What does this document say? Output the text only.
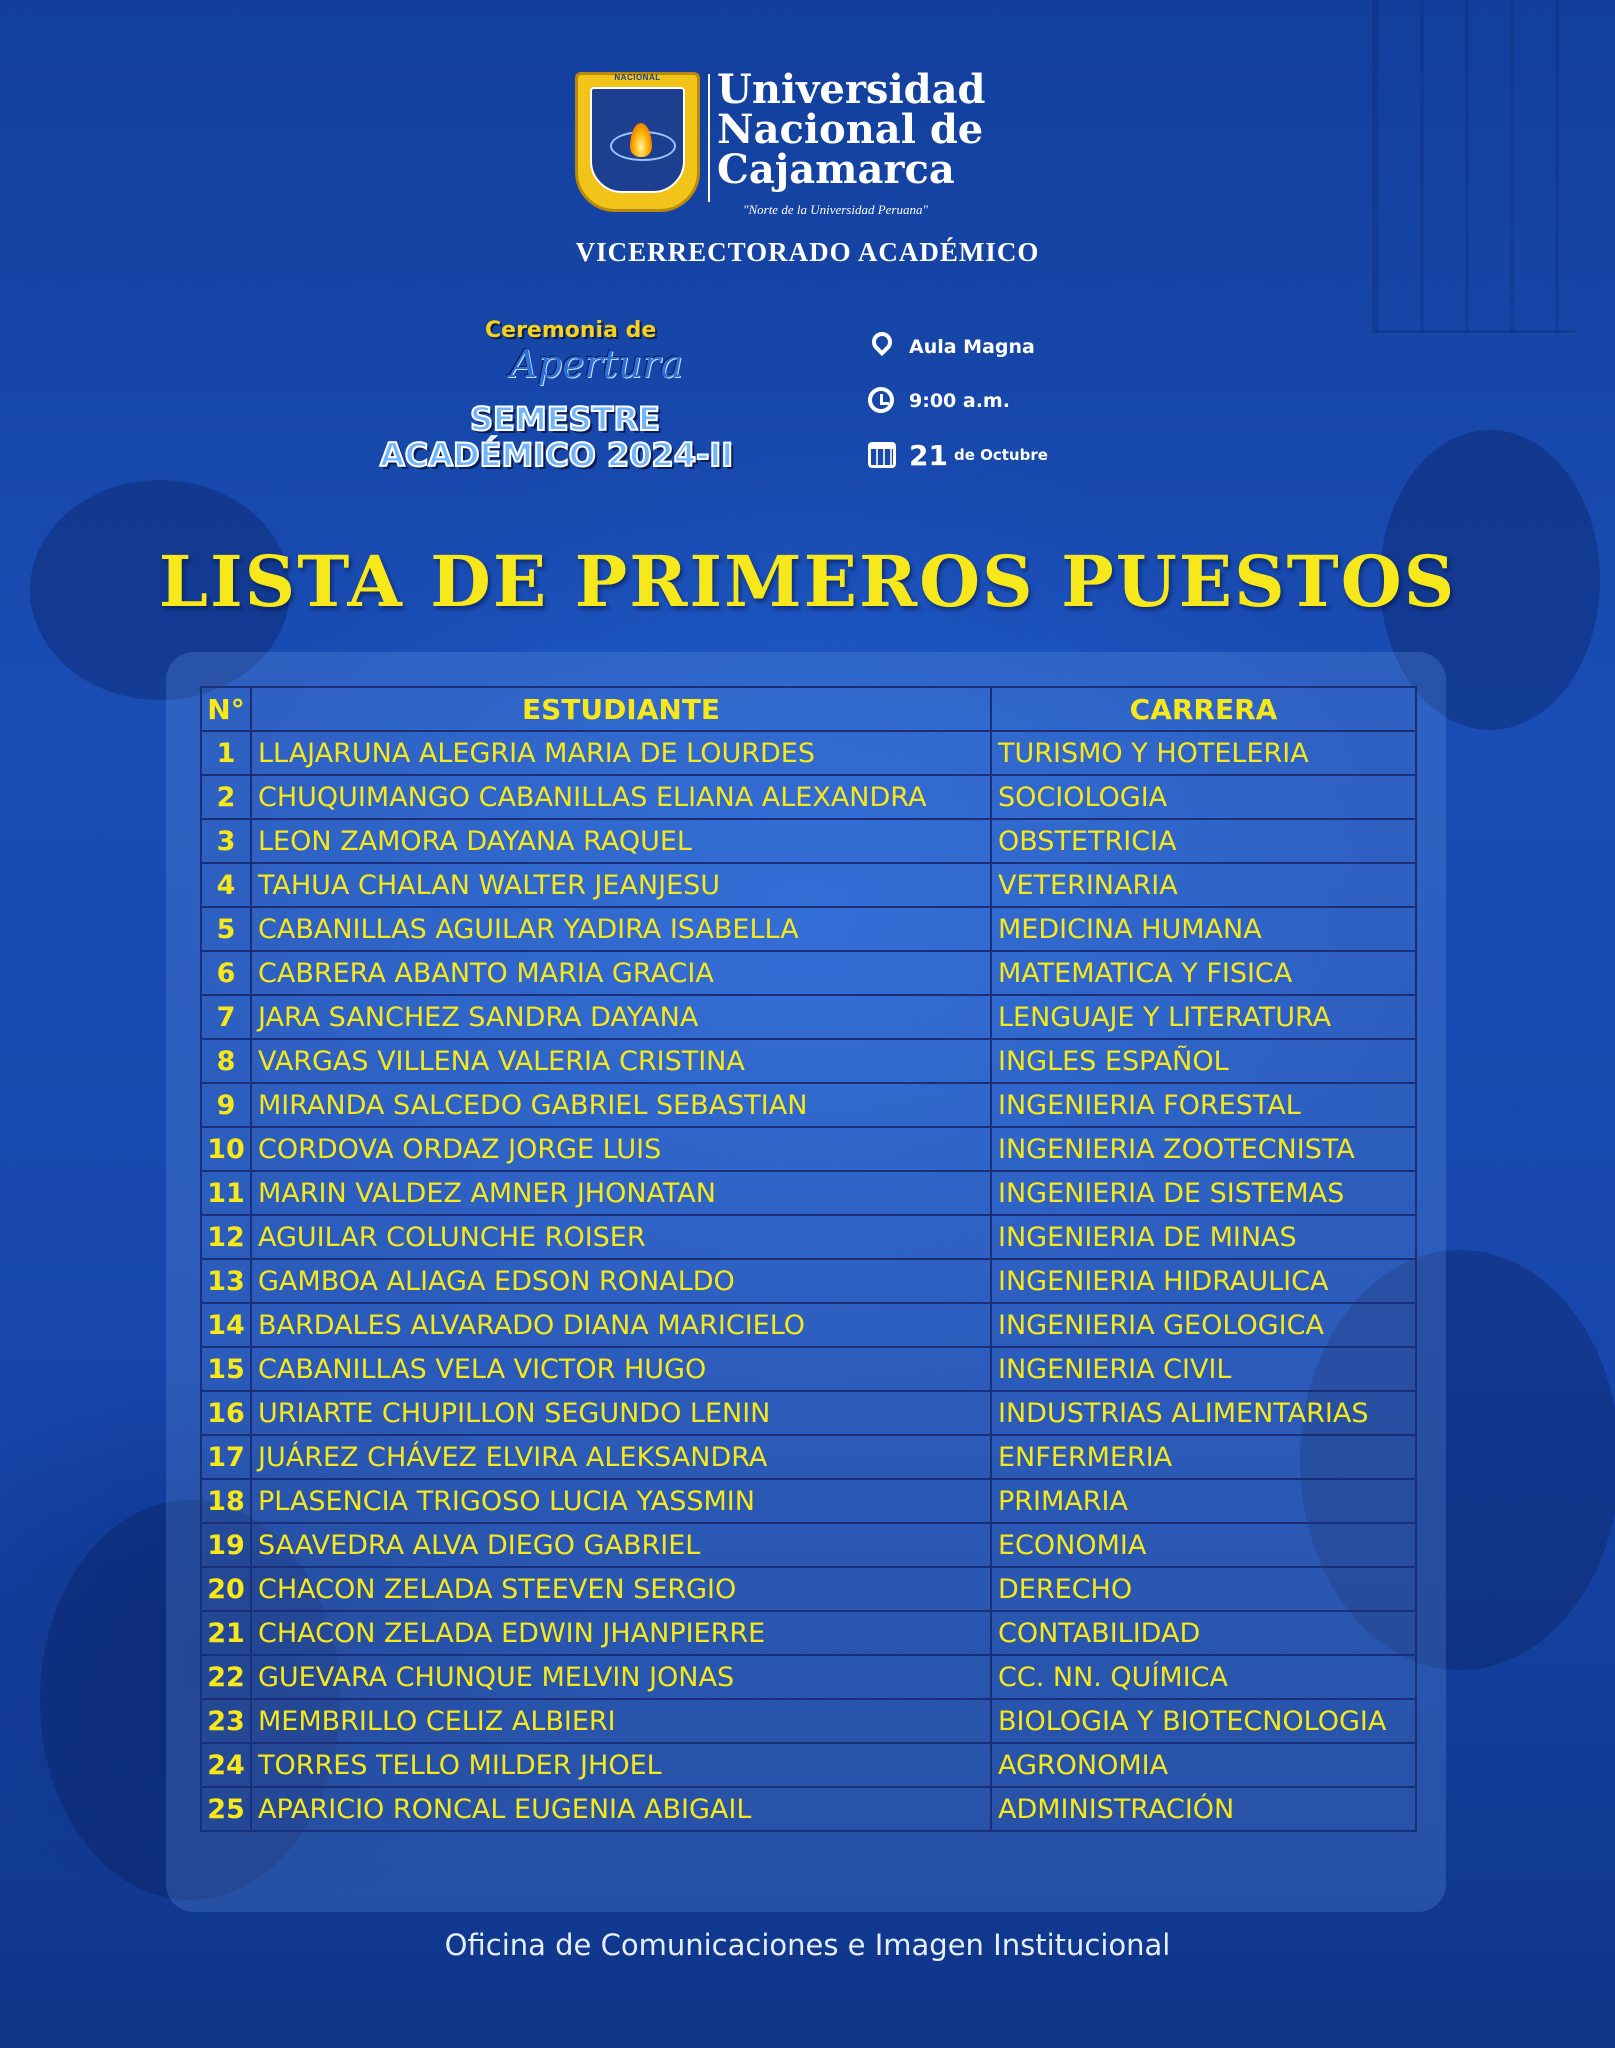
NACIONAL	Universidad
Nacional de
Cajamarca
"Norte de la Universidad Peruana"
VICERRECTORADO ACADÉMICO
Ceremonia de
Apertura
SEMESTRE
ACADÉMICO 2024-II
Aula Magna
9:00 a.m.
21 de Octubre
LISTA DE PRIMEROS PUESTOS
N°	ESTUDIANTE	CARRERA
1	LLAJARUNA ALEGRIA MARIA DE LOURDES	TURISMO Y HOTELERIA
2	CHUQUIMANGO CABANILLAS ELIANA ALEXANDRA	SOCIOLOGIA
3	LEON ZAMORA DAYANA RAQUEL	OBSTETRICIA
4	TAHUA CHALAN WALTER JEANJESU	VETERINARIA
5	CABANILLAS AGUILAR YADIRA ISABELLA	MEDICINA HUMANA
6	CABRERA ABANTO MARIA GRACIA	MATEMATICA Y FISICA
7	JARA SANCHEZ SANDRA DAYANA	LENGUAJE Y LITERATURA
8	VARGAS VILLENA VALERIA CRISTINA	INGLES ESPAÑOL
9	MIRANDA SALCEDO GABRIEL SEBASTIAN	INGENIERIA FORESTAL
10	CORDOVA ORDAZ JORGE LUIS	INGENIERIA ZOOTECNISTA
11	MARIN VALDEZ AMNER JHONATAN	INGENIERIA DE SISTEMAS
12	AGUILAR COLUNCHE ROISER	INGENIERIA DE MINAS
13	GAMBOA ALIAGA EDSON RONALDO	INGENIERIA HIDRAULICA
14	BARDALES ALVARADO DIANA MARICIELO	INGENIERIA GEOLOGICA
15	CABANILLAS VELA VICTOR HUGO	INGENIERIA CIVIL
16	URIARTE CHUPILLON SEGUNDO LENIN	INDUSTRIAS ALIMENTARIAS
17	JUÁREZ CHÁVEZ ELVIRA ALEKSANDRA	ENFERMERIA
18	PLASENCIA TRIGOSO LUCIA YASSMIN	PRIMARIA
19	SAAVEDRA ALVA DIEGO GABRIEL	ECONOMIA
20	CHACON ZELADA STEEVEN SERGIO	DERECHO
21	CHACON ZELADA EDWIN JHANPIERRE	CONTABILIDAD
22	GUEVARA CHUNQUE MELVIN JONAS	CC. NN. QUÍMICA
23	MEMBRILLO CELIZ ALBIERI	BIOLOGIA Y BIOTECNOLOGIA
24	TORRES TELLO MILDER JHOEL	AGRONOMIA
25	APARICIO RONCAL EUGENIA ABIGAIL	ADMINISTRACIÓN
Oficina de Comunicaciones e Imagen Institucional
